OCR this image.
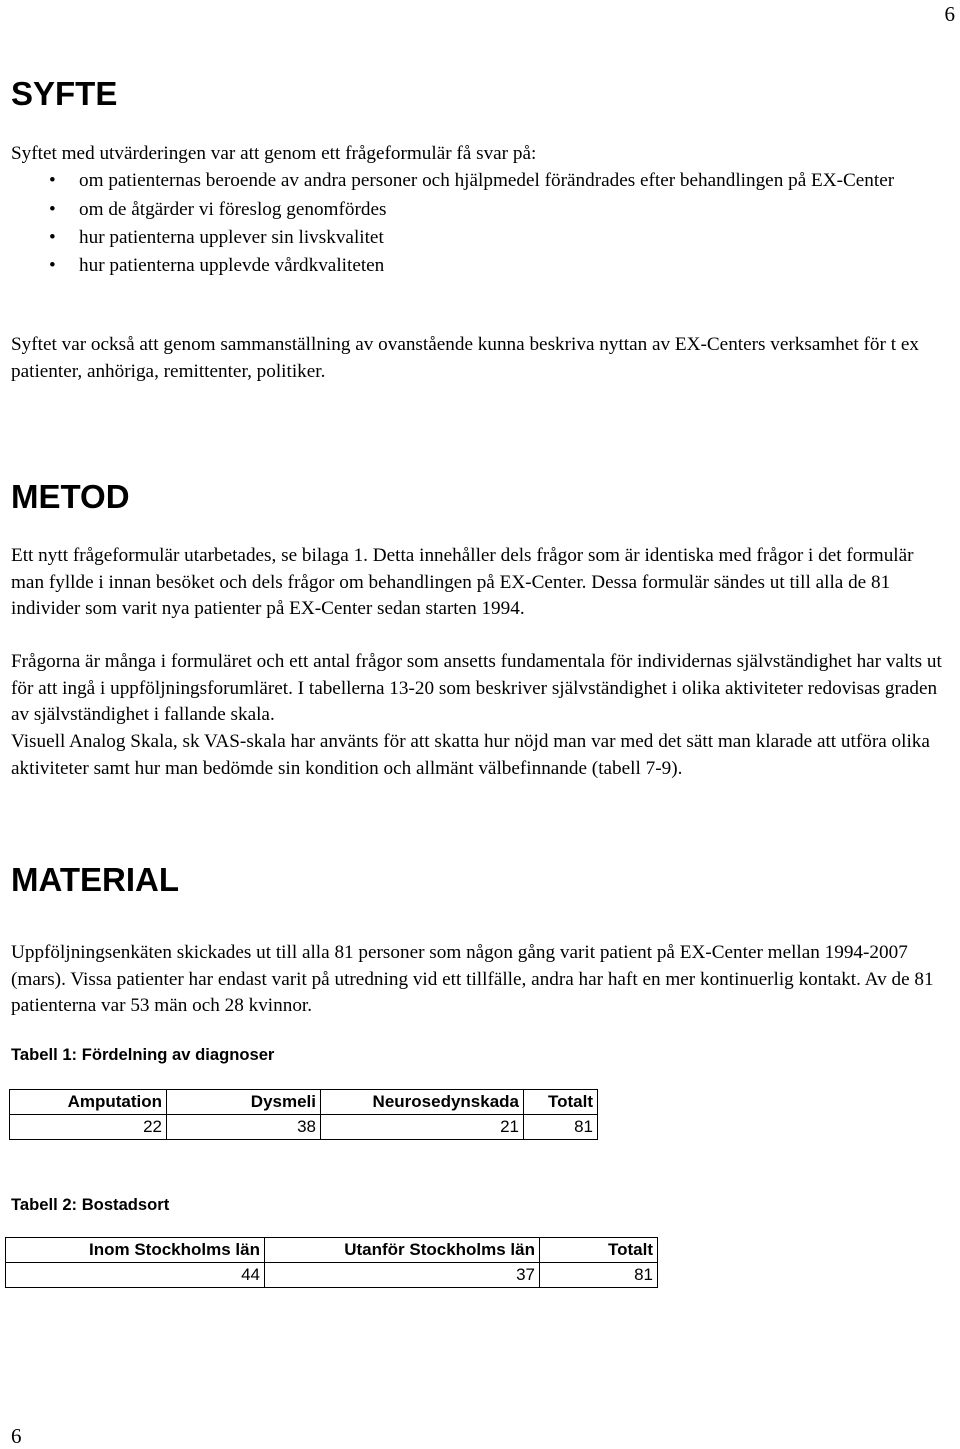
6
SYFTE
Syftet med utvärderingen var att genom ett frågeformulär få svar på:
• om patienternas beroende av andra personer och hjälpmedel förändrades efter behandlingen på EX-Center
• om de åtgärder vi föreslog genomfördes
• hur patienterna upplever sin livskvalitet
• hur patienterna upplevde vårdkvaliteten
Syftet var också att genom sammanställning av ovanstående kunna beskriva nyttan av EX-Centers verksamhet för t ex patienter, anhöriga, remittenter, politiker.
METOD
Ett nytt frågeformulär utarbetades, se bilaga 1. Detta innehåller dels frågor som är identiska med frågor i det formulär man fyllde i innan besöket och dels frågor om behandlingen på EX-Center. Dessa formulär sändes ut till alla de 81 individer som varit nya patienter på EX-Center sedan starten 1994.
Frågorna är många i formuläret och ett antal frågor som ansetts fundamentala för individernas självständighet har valts ut för att ingå i uppföljningsforumläret. I tabellerna 13-20 som beskriver självständighet i olika aktiviteter redovisas graden av självständighet i fallande skala.
Visuell Analog Skala, sk VAS-skala har använts för att skatta hur nöjd man var med det sätt man klarade att utföra olika aktiviteter samt hur man bedömde sin kondition och allmänt välbefinnande (tabell 7-9).
MATERIAL
Uppföljningsenkäten skickades ut till alla 81 personer som någon gång varit patient på EX-Center mellan 1994-2007 (mars). Vissa patienter har endast varit på utredning vid ett tillfälle, andra har haft en mer kontinuerlig kontakt. Av de 81 patienterna var 53 män och 28 kvinnor.
Tabell 1: Fördelning av diagnoser
Amputation	Dysmeli	Neurosedynskada	Totalt
22	38	21	81
Tabell 2: Bostadsort
Inom Stockholms län	Utanför Stockholms län	Totalt
44	37	81
6
